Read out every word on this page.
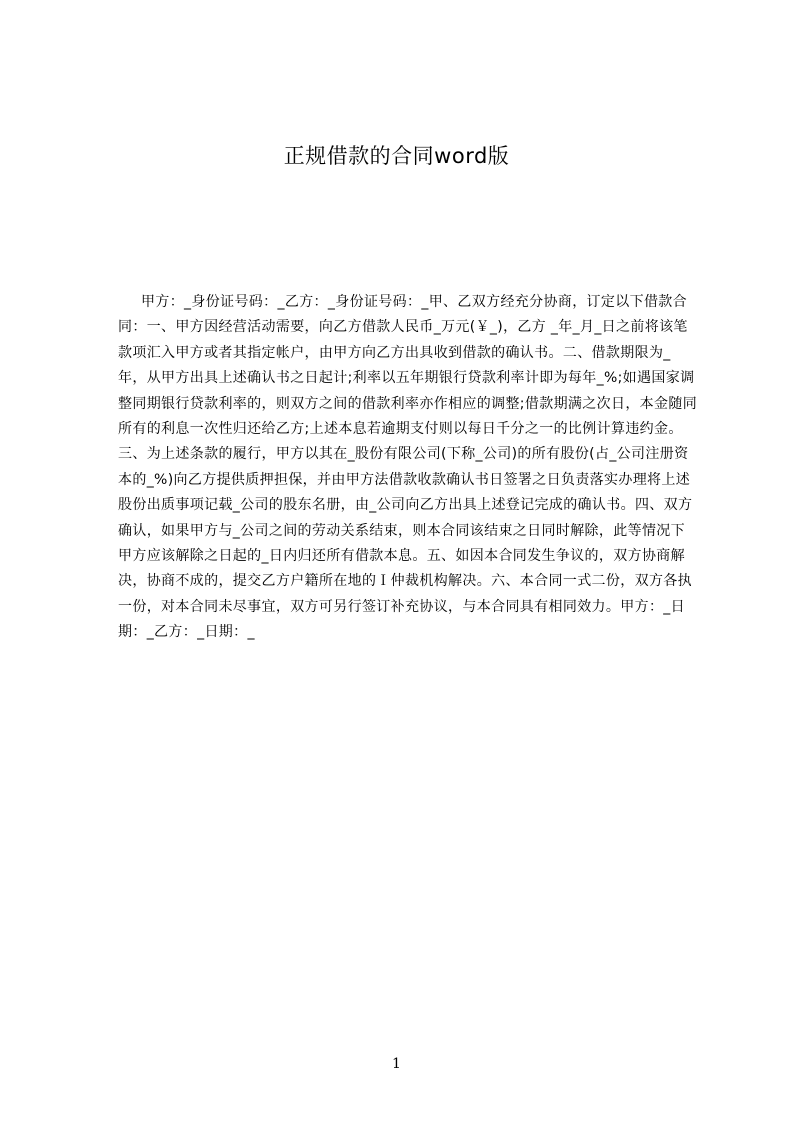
正规借款的合同word版

甲方：_身份证号码：_乙方：_身份证号码：_甲、乙双方经充分协商，订定以下借款合同：一、甲方因经营活动需要，向乙方借款人民币_万元(￥_)，乙方 _年_月_日之前将该笔款项汇入甲方或者其指定帐户，由甲方向乙方出具收到借款的确认书。二、借款期限为_年，从甲方出具上述确认书之日起计;利率以五年期银行贷款利率计即为每年_%;如遇国家调整同期银行贷款利率的，则双方之间的借款利率亦作相应的调整;借款期满之次日，本金随同所有的利息一次性归还给乙方;上述本息若逾期支付则以每日千分之一的比例计算违约金。三、为上述条款的履行，甲方以其在_股份有限公司(下称_公司)的所有股份(占_公司注册资本的_%)向乙方提供质押担保，并由甲方法借款收款确认书日签署之日负责落实办理将上述股份出质事项记载_公司的股东名册，由_公司向乙方出具上述登记完成的确认书。四、双方确认，如果甲方与_公司之间的劳动关系结束，则本合同该结束之日同时解除，此等情况下甲方应该解除之日起的_日内归还所有借款本息。五、如因本合同发生争议的，双方协商解决，协商不成的，提交乙方户籍所在地的Ｉ仲裁机构解决。六、本合同一式二份，双方各执一份，对本合同未尽事宜，双方可另行签订补充协议，与本合同具有相同效力。甲方：_日期：_乙方：_日期：_

1
